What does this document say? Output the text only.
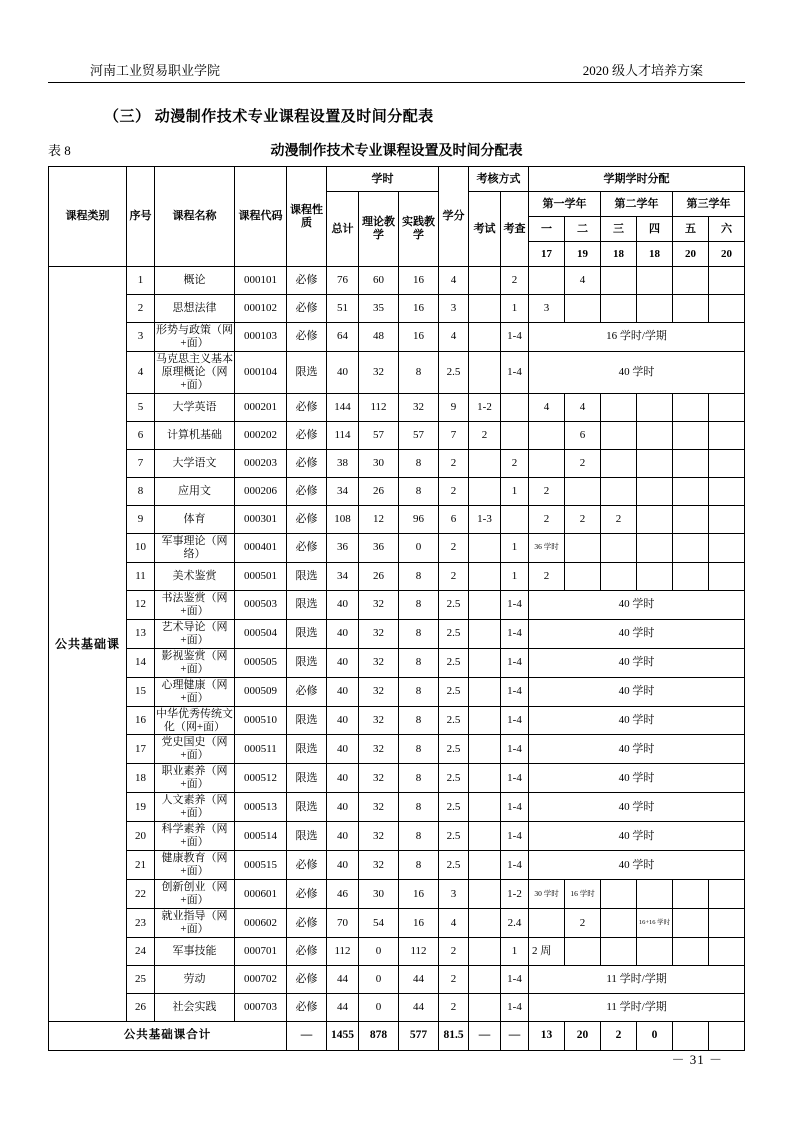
河南工业贸易职业学院	2020 级人才培养方案
（三） 动漫制作技术专业课程设置及时间分配表
表 8	动漫制作技术专业课程设置及时间分配表
课程类别	序号	课程名称	课程代码	课程性质	学时			学分	考核方式		学期学时分配					
					总计	理论教学	实践教学		考试	考查	第一学年		第二学年		第三学年	
											一	二	三	四	五	六
											17	19	18	18	20	20
公共基础课	1	概论	000101	必修	76	60	16	4		2		4				
	2	思想法律	000102	必修	51	35	16	3		1	3					
	3	形势与政策（网+面）	000103	必修	64	48	16	4		1-4	16 学时/学期					
	4	马克思主义基本原理概论（网+面）	000104	限选	40	32	8	2.5		1-4	40 学时					
	5	大学英语	000201	必修	144	112	32	9	1-2		4	4				
	6	计算机基础	000202	必修	114	57	57	7	2			6				
	7	大学语文	000203	必修	38	30	8	2		2		2				
	8	应用文	000206	必修	34	26	8	2		1	2					
	9	体育	000301	必修	108	12	96	6	1-3		2	2	2			
	10	军事理论（网络）	000401	必修	36	36	0	2		1	36 学时					
	11	美术鉴赏	000501	限选	34	26	8	2		1	2					
	12	书法鉴赏（网+面）	000503	限选	40	32	8	2.5		1-4	40 学时					
	13	艺术导论（网+面）	000504	限选	40	32	8	2.5		1-4	40 学时					
	14	影视鉴赏（网+面）	000505	限选	40	32	8	2.5		1-4	40 学时					
	15	心理健康（网+面）	000509	必修	40	32	8	2.5		1-4	40 学时					
	16	中华优秀传统文化（网+面）	000510	限选	40	32	8	2.5		1-4	40 学时					
	17	党史国史（网+面）	000511	限选	40	32	8	2.5		1-4	40 学时					
	18	职业素养（网+面）	000512	限选	40	32	8	2.5		1-4	40 学时					
	19	人文素养（网+面）	000513	限选	40	32	8	2.5		1-4	40 学时					
	20	科学素养（网+面）	000514	限选	40	32	8	2.5		1-4	40 学时					
	21	健康教育（网+面）	000515	必修	40	32	8	2.5		1-4	40 学时					
	22	创新创业（网+面）	000601	必修	46	30	16	3		1-2	30 学时	16 学时				
	23	就业指导（网+面）	000602	必修	70	54	16	4		2.4		2		16+16 学时		
	24	军事技能	000701	必修	112	0	112	2		1	2 周					
	25	劳动	000702	必修	44	0	44	2		1-4	11 学时/学期					
	26	社会实践	000703	必修	44	0	44	2		1-4	11 学时/学期					
公共基础课合计				—	1455	878	577	81.5	—	—	13	20	2	0		
－ 31 －
